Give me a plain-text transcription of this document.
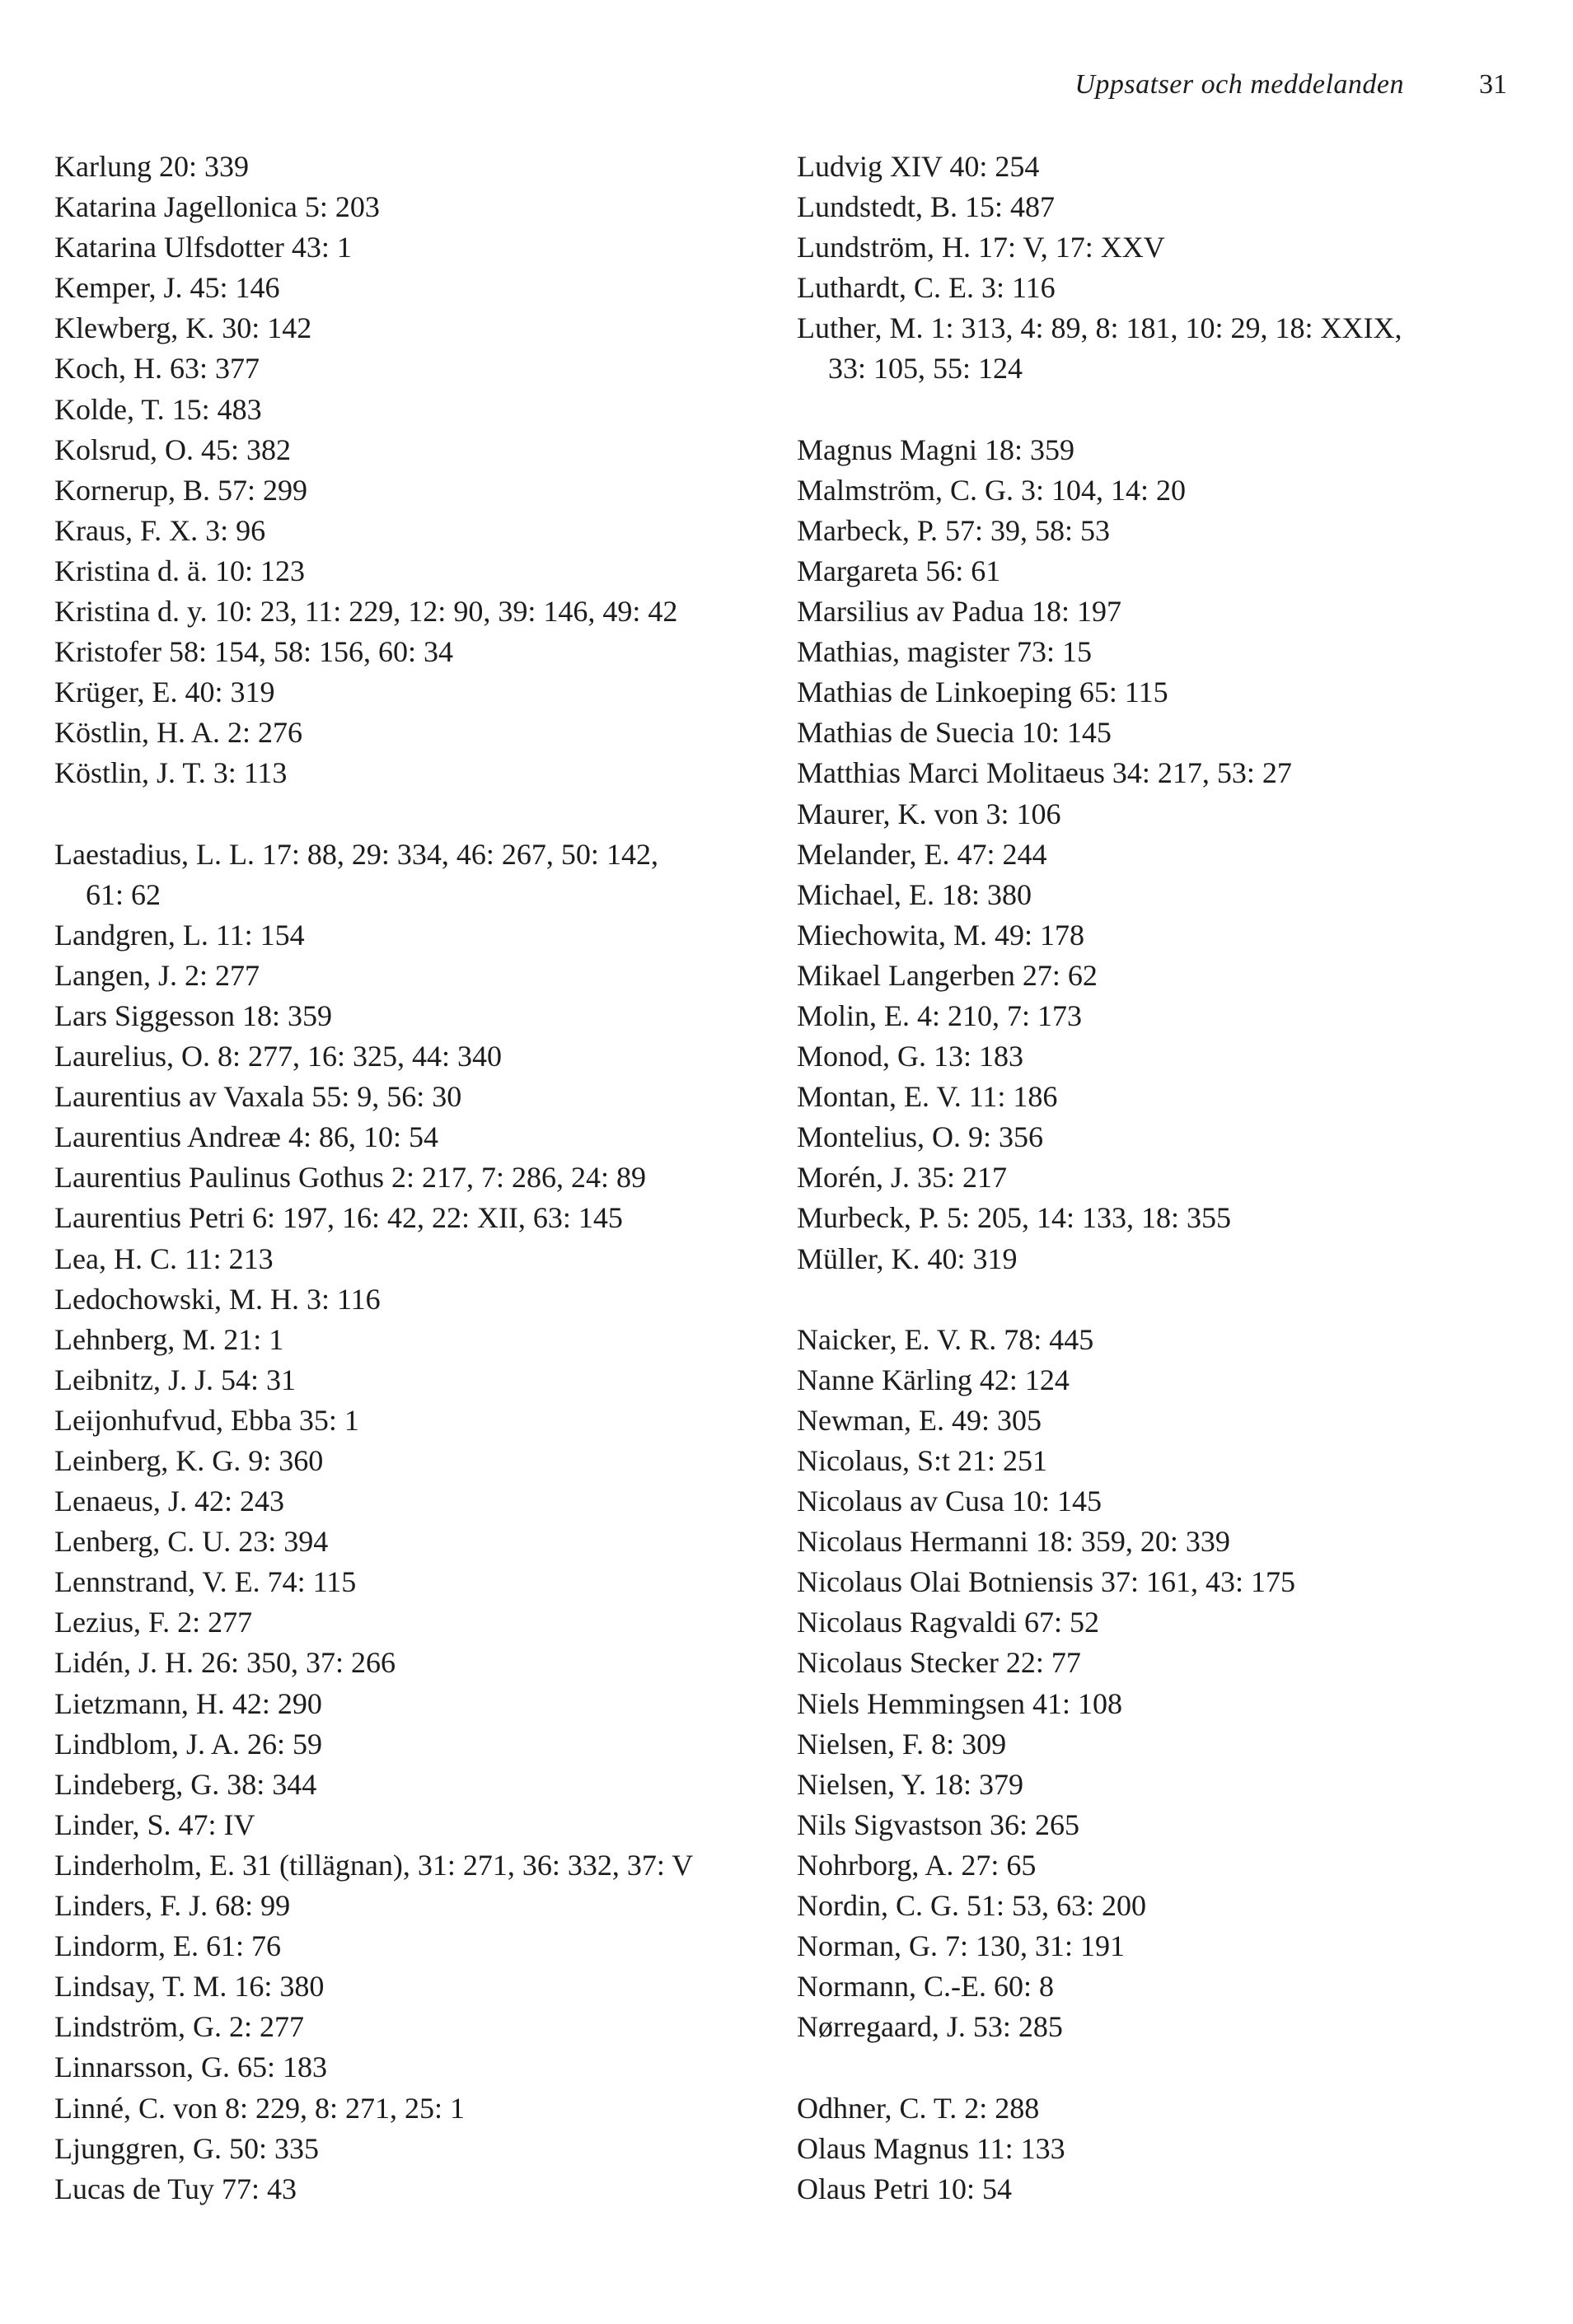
Uppsatser och meddelanden	31
Karlung 20: 339
Katarina Jagellonica 5: 203
Katarina Ulfsdotter 43: 1
Kemper, J. 45: 146
Klewberg, K. 30: 142
Koch, H. 63: 377
Kolde, T. 15: 483
Kolsrud, O. 45: 382
Kornerup, B. 57: 299
Kraus, F. X. 3: 96
Kristina d. ä. 10: 123
Kristina d. y. 10: 23, 11: 229, 12: 90, 39: 146, 49: 42
Kristofer 58: 154, 58: 156, 60: 34
Krüger, E. 40: 319
Köstlin, H. A. 2: 276
Köstlin, J. T. 3: 113
Laestadius, L. L. 17: 88, 29: 334, 46: 267, 50: 142,
61: 62
Landgren, L. 11: 154
Langen, J. 2: 277
Lars Siggesson 18: 359
Laurelius, O. 8: 277, 16: 325, 44: 340
Laurentius av Vaxala 55: 9, 56: 30
Laurentius Andreæ 4: 86, 10: 54
Laurentius Paulinus Gothus 2: 217, 7: 286, 24: 89
Laurentius Petri 6: 197, 16: 42, 22: XII, 63: 145
Lea, H. C. 11: 213
Ledochowski, M. H. 3: 116
Lehnberg, M. 21: 1
Leibnitz, J. J. 54: 31
Leijonhufvud, Ebba 35: 1
Leinberg, K. G. 9: 360
Lenaeus, J. 42: 243
Lenberg, C. U. 23: 394
Lennstrand, V. E. 74: 115
Lezius, F. 2: 277
Lidén, J. H. 26: 350, 37: 266
Lietzmann, H. 42: 290
Lindblom, J. A. 26: 59
Lindeberg, G. 38: 344
Linder, S. 47: IV
Linderholm, E. 31 (tillägnan), 31: 271, 36: 332, 37: V
Linders, F. J. 68: 99
Lindorm, E. 61: 76
Lindsay, T. M. 16: 380
Lindström, G. 2: 277
Linnarsson, G. 65: 183
Linné, C. von 8: 229, 8: 271, 25: 1
Ljunggren, G. 50: 335
Lucas de Tuy 77: 43
Ludvig XIV 40: 254
Lundstedt, B. 15: 487
Lundström, H. 17: V, 17: XXV
Luthardt, C. E. 3: 116
Luther, M. 1: 313, 4: 89, 8: 181, 10: 29, 18: XXIX,
33: 105, 55: 124
Magnus Magni 18: 359
Malmström, C. G. 3: 104, 14: 20
Marbeck, P. 57: 39, 58: 53
Margareta 56: 61
Marsilius av Padua 18: 197
Mathias, magister 73: 15
Mathias de Linkoeping 65: 115
Mathias de Suecia 10: 145
Matthias Marci Molitaeus 34: 217, 53: 27
Maurer, K. von 3: 106
Melander, E. 47: 244
Michael, E. 18: 380
Miechowita, M. 49: 178
Mikael Langerben 27: 62
Molin, E. 4: 210, 7: 173
Monod, G. 13: 183
Montan, E. V. 11: 186
Montelius, O. 9: 356
Morén, J. 35: 217
Murbeck, P. 5: 205, 14: 133, 18: 355
Müller, K. 40: 319
Naicker, E. V. R. 78: 445
Nanne Kärling 42: 124
Newman, E. 49: 305
Nicolaus, S:t 21: 251
Nicolaus av Cusa 10: 145
Nicolaus Hermanni 18: 359, 20: 339
Nicolaus Olai Botniensis 37: 161, 43: 175
Nicolaus Ragvaldi 67: 52
Nicolaus Stecker 22: 77
Niels Hemmingsen 41: 108
Nielsen, F. 8: 309
Nielsen, Y. 18: 379
Nils Sigvastson 36: 265
Nohrborg, A. 27: 65
Nordin, C. G. 51: 53, 63: 200
Norman, G. 7: 130, 31: 191
Normann, C.-E. 60: 8
Nørregaard, J. 53: 285
Odhner, C. T. 2: 288
Olaus Magnus 11: 133
Olaus Petri 10: 54
